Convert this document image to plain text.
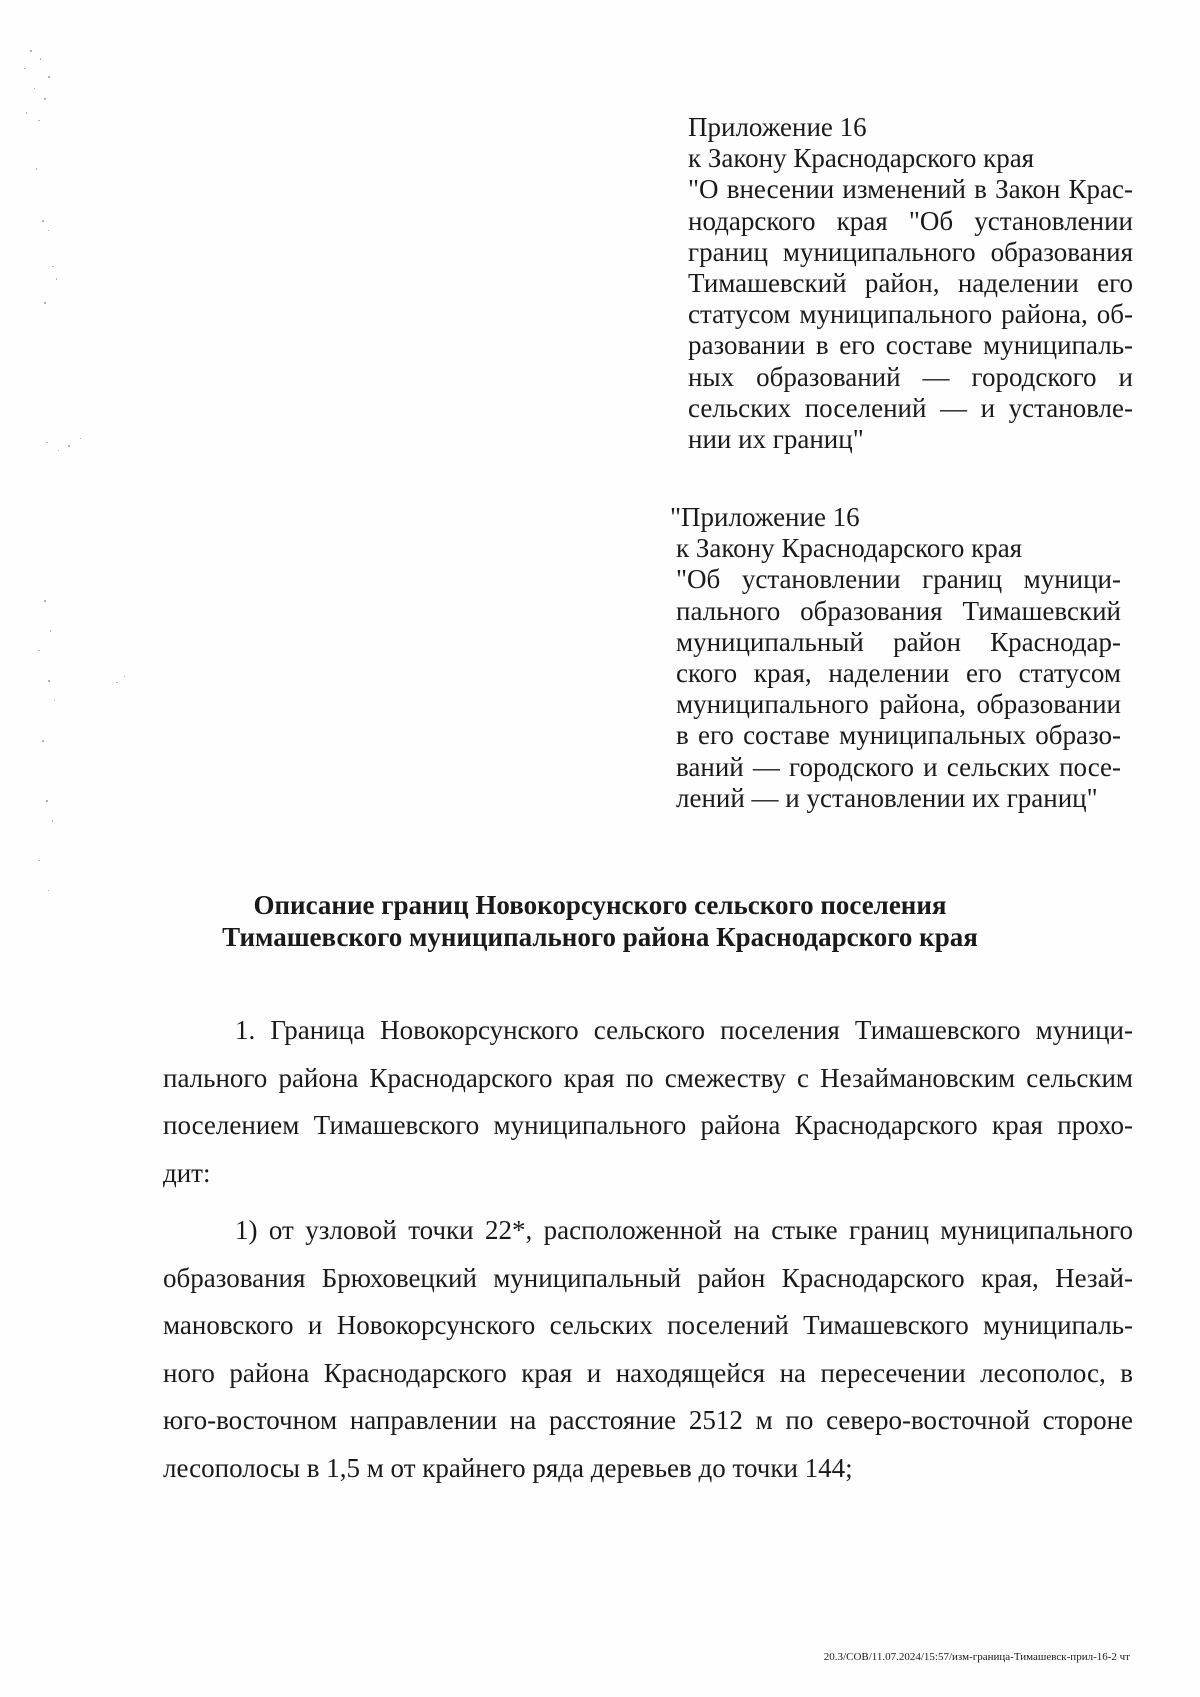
Приложение 16
к Закону Краснодарского края
"О внесении изменений в Закон Крас-
нодарского края "Об установлении
границ муниципального образования
Тимашевский район, наделении его
статусом муниципального района, об-
разовании в его составе муниципаль-
ных образований — городского и
сельских поселений — и установле-
нии их границ"
"Приложение 16
к Закону Краснодарского края
"Об установлении границ муници-
пального образования Тимашевский
муниципальный район Краснодар-
ского края, наделении его статусом
муниципального района, образовании
в его составе муниципальных образо-
ваний — городского и сельских посе-
лений — и установлении их границ"
Описание границ Новокорсунского сельского поселения
Тимашевского муниципального района Краснодарского края
1. Граница Новокорсунского сельского поселения Тимашевского муници-
пального района Краснодарского края по смежеству с Незаймановским сельским
поселением Тимашевского муниципального района Краснодарского края прохо-
дит:
1) от узловой точки 22*, расположенной на стыке границ муниципального
образования Брюховецкий муниципальный район Краснодарского края, Незай-
мановского и Новокорсунского сельских поселений Тимашевского муниципаль-
ного района Краснодарского края и находящейся на пересечении лесополос, в
юго-восточном направлении на расстояние 2512 м по северо-восточной стороне
лесополосы в 1,5 м от крайнего ряда деревьев до точки 144;
20.3/СОВ/11.07.2024/15:57/изм-граница-Тимашевск-прил-16-2 чт
